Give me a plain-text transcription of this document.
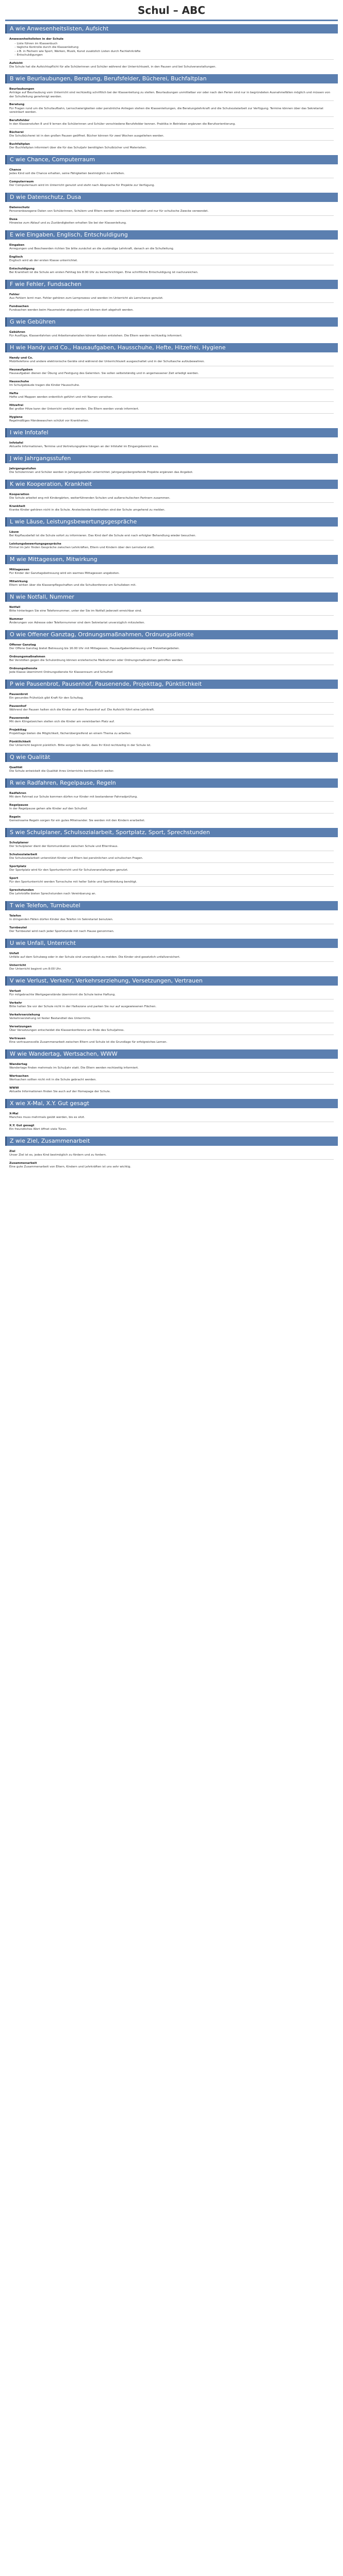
Schul – ABC
A wie Anwesenheitslisten, Aufsicht
Anwesenheitslisten in der Schule
– Liste führen im Klassenbuch
– tägliche Kontrolle durch die Klassenleitung
– z.B. in Fächern wie Sport, Werken, Musik, Kunst zusätzlich Listen durch Fachlehrkräfte
– Entschuldigungen
Aufsicht
Die Schule hat die Aufsichtspflicht für alle Schülerinnen und Schüler während der Unterrichtszeit, in den Pausen und bei Schulveranstaltungen.
B wie Beurlaubungen, Beratung, Berufsfelder, Bücherei, Buchfaltplan
Beurlaubungen
Anträge auf Beurlaubung vom Unterricht sind rechtzeitig schriftlich bei der Klassenleitung zu stellen. Beurlaubungen unmittelbar vor oder nach den Ferien sind nur in begründeten Ausnahmefällen möglich und müssen von der Schulleitung genehmigt werden.
Beratung
Für Fragen rund um die Schullaufbahn, Lernschwierigkeiten oder persönliche Anliegen stehen die Klassenleitungen, die Beratungslehrkraft und die Schulsozialarbeit zur Verfügung. Termine können über das Sekretariat vereinbart werden.
Berufsfelder
In den Klassenstufen 8 und 9 lernen die Schülerinnen und Schüler verschiedene Berufsfelder kennen. Praktika in Betrieben ergänzen die Berufsorientierung.
Bücherei
Die Schulbücherei ist in den großen Pausen geöffnet. Bücher können für zwei Wochen ausgeliehen werden.
Buchfaltplan
Der Buchfaltplan informiert über die für das Schuljahr benötigten Schulbücher und Materialien.
C wie Chance, Computerraum
Chance
Jedes Kind soll die Chance erhalten, seine Fähigkeiten bestmöglich zu entfalten.
Computerraum
Der Computerraum wird im Unterricht genutzt und steht nach Absprache für Projekte zur Verfügung.
D wie Datenschutz, Dusa
Datenschutz
Personenbezogene Daten von Schülerinnen, Schülern und Eltern werden vertraulich behandelt und nur für schulische Zwecke verwendet.
Dusa
Hinweise zum Ablauf und zu Zuständigkeiten erhalten Sie bei der Klassenleitung.
E wie Eingaben, Englisch, Entschuldigung
Eingaben
Anregungen und Beschwerden richten Sie bitte zunächst an die zuständige Lehrkraft, danach an die Schulleitung.
Englisch
Englisch wird ab der ersten Klasse unterrichtet.
Entschuldigung
Bei Krankheit ist die Schule am ersten Fehltag bis 8:00 Uhr zu benachrichtigen. Eine schriftliche Entschuldigung ist nachzureichen.
F wie Fehler, Fundsachen
Fehler
Aus Fehlern lernt man. Fehler gehören zum Lernprozess und werden im Unterricht als Lernchance genutzt.
Fundsachen
Fundsachen werden beim Hausmeister abgegeben und können dort abgeholt werden.
G wie Gebühren
Gebühren
Für Ausflüge, Klassenfahrten und Arbeitsmaterialien können Kosten entstehen. Die Eltern werden rechtzeitig informiert.
H wie Handy und Co., Hausaufgaben, Hausschuhe, Hefte, Hitzefrei, Hygiene
Handy und Co.
Mobiltelefone und andere elektronische Geräte sind während der Unterrichtszeit ausgeschaltet und in der Schultasche aufzubewahren.
Hausaufgaben
Hausaufgaben dienen der Übung und Festigung des Gelernten. Sie sollen selbstständig und in angemessener Zeit erledigt werden.
Hausschuhe
Im Schulgebäude tragen die Kinder Hausschuhe.
Hefte
Hefte und Mappen werden ordentlich geführt und mit Namen versehen.
Hitzefrei
Bei großer Hitze kann der Unterricht verkürzt werden. Die Eltern werden vorab informiert.
Hygiene
Regelmäßiges Händewaschen schützt vor Krankheiten.
I wie Infotafel
Infotafel
Aktuelle Informationen, Termine und Vertretungspläne hängen an der Infotafel im Eingangsbereich aus.
J wie Jahrgangsstufen
Jahrgangsstufen
Die Schülerinnen und Schüler werden in Jahrgangsstufen unterrichtet. Jahrgangsübergreifende Projekte ergänzen das Angebot.
K wie Kooperation, Krankheit
Kooperation
Die Schule arbeitet eng mit Kindergärten, weiterführenden Schulen und außerschulischen Partnern zusammen.
Krankheit
Kranke Kinder gehören nicht in die Schule. Ansteckende Krankheiten sind der Schule umgehend zu melden.
L wie Läuse, Leistungsbewertungsgespräche
Läuse
Bei Kopflausbefall ist die Schule sofort zu informieren. Das Kind darf die Schule erst nach erfolgter Behandlung wieder besuchen.
Leistungsbewertungsgespräche
Einmal im Jahr finden Gespräche zwischen Lehrkräften, Eltern und Kindern über den Lernstand statt.
M wie Mittagessen, Mitwirkung
Mittagessen
Für Kinder der Ganztagsbetreuung wird ein warmes Mittagessen angeboten.
Mitwirkung
Eltern wirken über die Klassenpflegschaften und die Schulkonferenz am Schulleben mit.
N wie Notfall, Nummer
Notfall
Bitte hinterlegen Sie eine Telefonnummer, unter der Sie im Notfall jederzeit erreichbar sind.
Nummer
Änderungen von Adresse oder Telefonnummer sind dem Sekretariat unverzüglich mitzuteilen.
O wie Offener Ganztag, Ordnungsmaßnahmen, Ordnungsdienste
Offener Ganztag
Der Offene Ganztag bietet Betreuung bis 16:00 Uhr mit Mittagessen, Hausaufgabenbetreuung und Freizeitangeboten.
Ordnungsmaßnahmen
Bei Verstößen gegen die Schulordnung können erzieherische Maßnahmen oder Ordnungsmaßnahmen getroffen werden.
Ordnungsdienste
Jede Klasse übernimmt Ordnungsdienste für Klassenraum und Schulhof.
P wie Pausenbrot, Pausenhof, Pausenende, Projekttag, Pünktlichkeit
Pausenbrot
Ein gesundes Frühstück gibt Kraft für den Schultag.
Pausenhof
Während der Pausen halten sich die Kinder auf dem Pausenhof auf. Die Aufsicht führt eine Lehrkraft.
Pausenende
Mit dem Klingelzeichen stellen sich die Kinder am vereinbarten Platz auf.
Projekttag
Projekttage bieten die Möglichkeit, fächerübergreifend an einem Thema zu arbeiten.
Pünktlichkeit
Der Unterricht beginnt pünktlich. Bitte sorgen Sie dafür, dass Ihr Kind rechtzeitig in der Schule ist.
Q wie Qualität
Qualität
Die Schule entwickelt die Qualität ihres Unterrichts kontinuierlich weiter.
R wie Radfahren, Regelpause, Regeln
Radfahren
Mit dem Fahrrad zur Schule kommen dürfen nur Kinder mit bestandener Fahrradprüfung.
Regelpause
In der Regelpause gehen alle Kinder auf den Schulhof.
Regeln
Gemeinsame Regeln sorgen für ein gutes Miteinander. Sie werden mit den Kindern erarbeitet.
S wie Schulplaner, Schulsozialarbeit, Sportplatz, Sport, Sprechstunden
Schulplaner
Der Schulplaner dient der Kommunikation zwischen Schule und Elternhaus.
Schulsozialarbeit
Die Schulsozialarbeit unterstützt Kinder und Eltern bei persönlichen und schulischen Fragen.
Sportplatz
Der Sportplatz wird für den Sportunterricht und für Schulveranstaltungen genutzt.
Sport
Für den Sportunterricht werden Turnschuhe mit heller Sohle und Sportkleidung benötigt.
Sprechstunden
Die Lehrkräfte bieten Sprechstunden nach Vereinbarung an.
T wie Telefon, Turnbeutel
Telefon
In dringenden Fällen dürfen Kinder das Telefon im Sekretariat benutzen.
Turnbeutel
Der Turnbeutel wird nach jeder Sportstunde mit nach Hause genommen.
U wie Unfall, Unterricht
Unfall
Unfälle auf dem Schulweg oder in der Schule sind unverzüglich zu melden. Die Kinder sind gesetzlich unfallversichert.
Unterricht
Der Unterricht beginnt um 8:00 Uhr.
V wie Verlust, Verkehr, Verkehrserziehung, Versetzungen, Vertrauen
Verlust
Für mitgebrachte Wertgegenstände übernimmt die Schule keine Haftung.
Verkehr
Bitte halten Sie vor der Schule nicht in der Haltezone und parken Sie nur auf ausgewiesenen Flächen.
Verkehrserziehung
Verkehrserziehung ist fester Bestandteil des Unterrichts.
Versetzungen
Über Versetzungen entscheidet die Klassenkonferenz am Ende des Schuljahres.
Vertrauen
Eine vertrauensvolle Zusammenarbeit zwischen Eltern und Schule ist die Grundlage für erfolgreiches Lernen.
W wie Wandertag, Wertsachen, WWW
Wandertag
Wandertage finden mehrmals im Schuljahr statt. Die Eltern werden rechtzeitig informiert.
Wertsachen
Wertsachen sollten nicht mit in die Schule gebracht werden.
WWW
Aktuelle Informationen finden Sie auch auf der Homepage der Schule.
X wie X-Mal, X.Y. Gut gesagt
X-Mal
Manches muss mehrmals geübt werden, bis es sitzt.
X.Y. Gut gesagt
Ein freundliches Wort öffnet viele Türen.
Z wie Ziel, Zusammenarbeit
Ziel
Unser Ziel ist es, jedes Kind bestmöglich zu fördern und zu fordern.
Zusammenarbeit
Eine gute Zusammenarbeit von Eltern, Kindern und Lehrkräften ist uns sehr wichtig.
